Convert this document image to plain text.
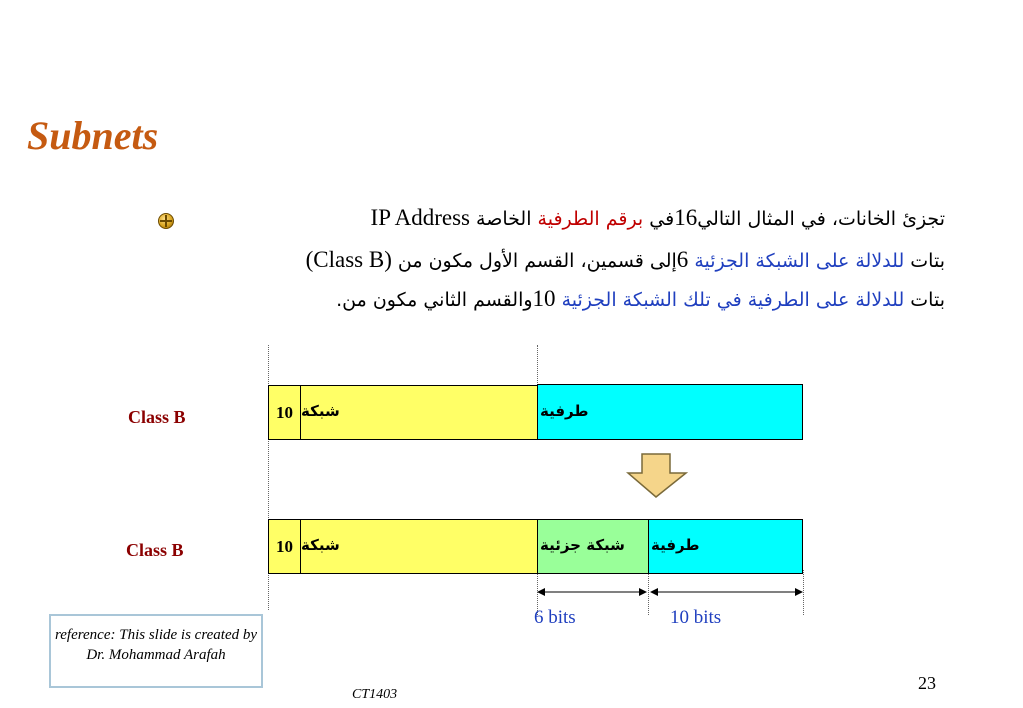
Subnets
تجزئ الخانات، في المثال التالي16في برقم الطرفية الخاصة IP Address
بتات للدلالة على الشبكة الجزئية 6إلى قسمين، القسم الأول مكون من (Class B)
بتات للدلالة على الطرفية في تلك الشبكة الجزئية 10والقسم الثاني مكون من.
Class B	شبكة
10	طرفية
Class B	شبكة
10	شبكة جزئية طرفية
6 bits	10 bits
reference: This slide is created by Dr. Mohammad Arafah
23
CT1403
